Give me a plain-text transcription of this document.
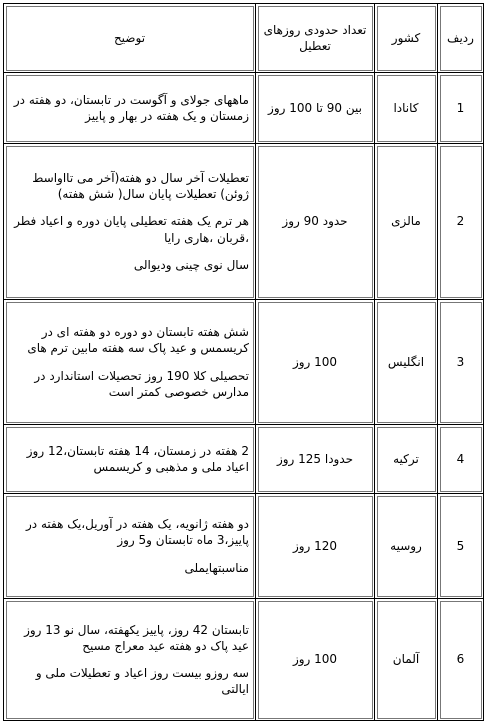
ردیف	کشور	تعداد حدودی روزهای تعطیل	توضیح
1	کانادا	بین 90 تا 100 روز	ماههای جولای و آگوست در تابستان، دو هفته در زمستان و یک هفته در بهار و پاییز

2	مالزی	حدود 90 روز	تعطیلات آخر سال دو هفته(آخر می تااواسط ژوئن) تعطیلات پایان سال( شش هفته)

هر ترم یک هفته تعطیلی پایان دوره و اعیاد فطر ،قربان ،هاری رایا

سال نوی چینی ودیوالی

3	انگلیس	100 روز	شش هفته تابستان دو دوره دو هفته ای در کریسمس و عید پاک سه هفته مابین ترم های

تحصیلی کلا 190 روز تحصیلات استاندارد در مدارس خصوصی کمتر است

4	ترکیه	حدودا 125 روز	2 هفته در زمستان، 14 هفته تابستان،12 روز اعیاد ملی و مذهبی و کریسمس

5	روسیه	120 روز	دو هفته ژانویه، یک هفته در آوریل،یک هفته در پاییز،3 ماه تابستان و5 روز

مناسبتهایملی

6	آلمان	100 روز	تابستان 42 روز، پاییز یکهفته، سال نو 13 روز عید پاک دو هفته عید معراج مسیح

سه روزو بیست روز اعیاد و تعطیلات ملی و ایالتی
